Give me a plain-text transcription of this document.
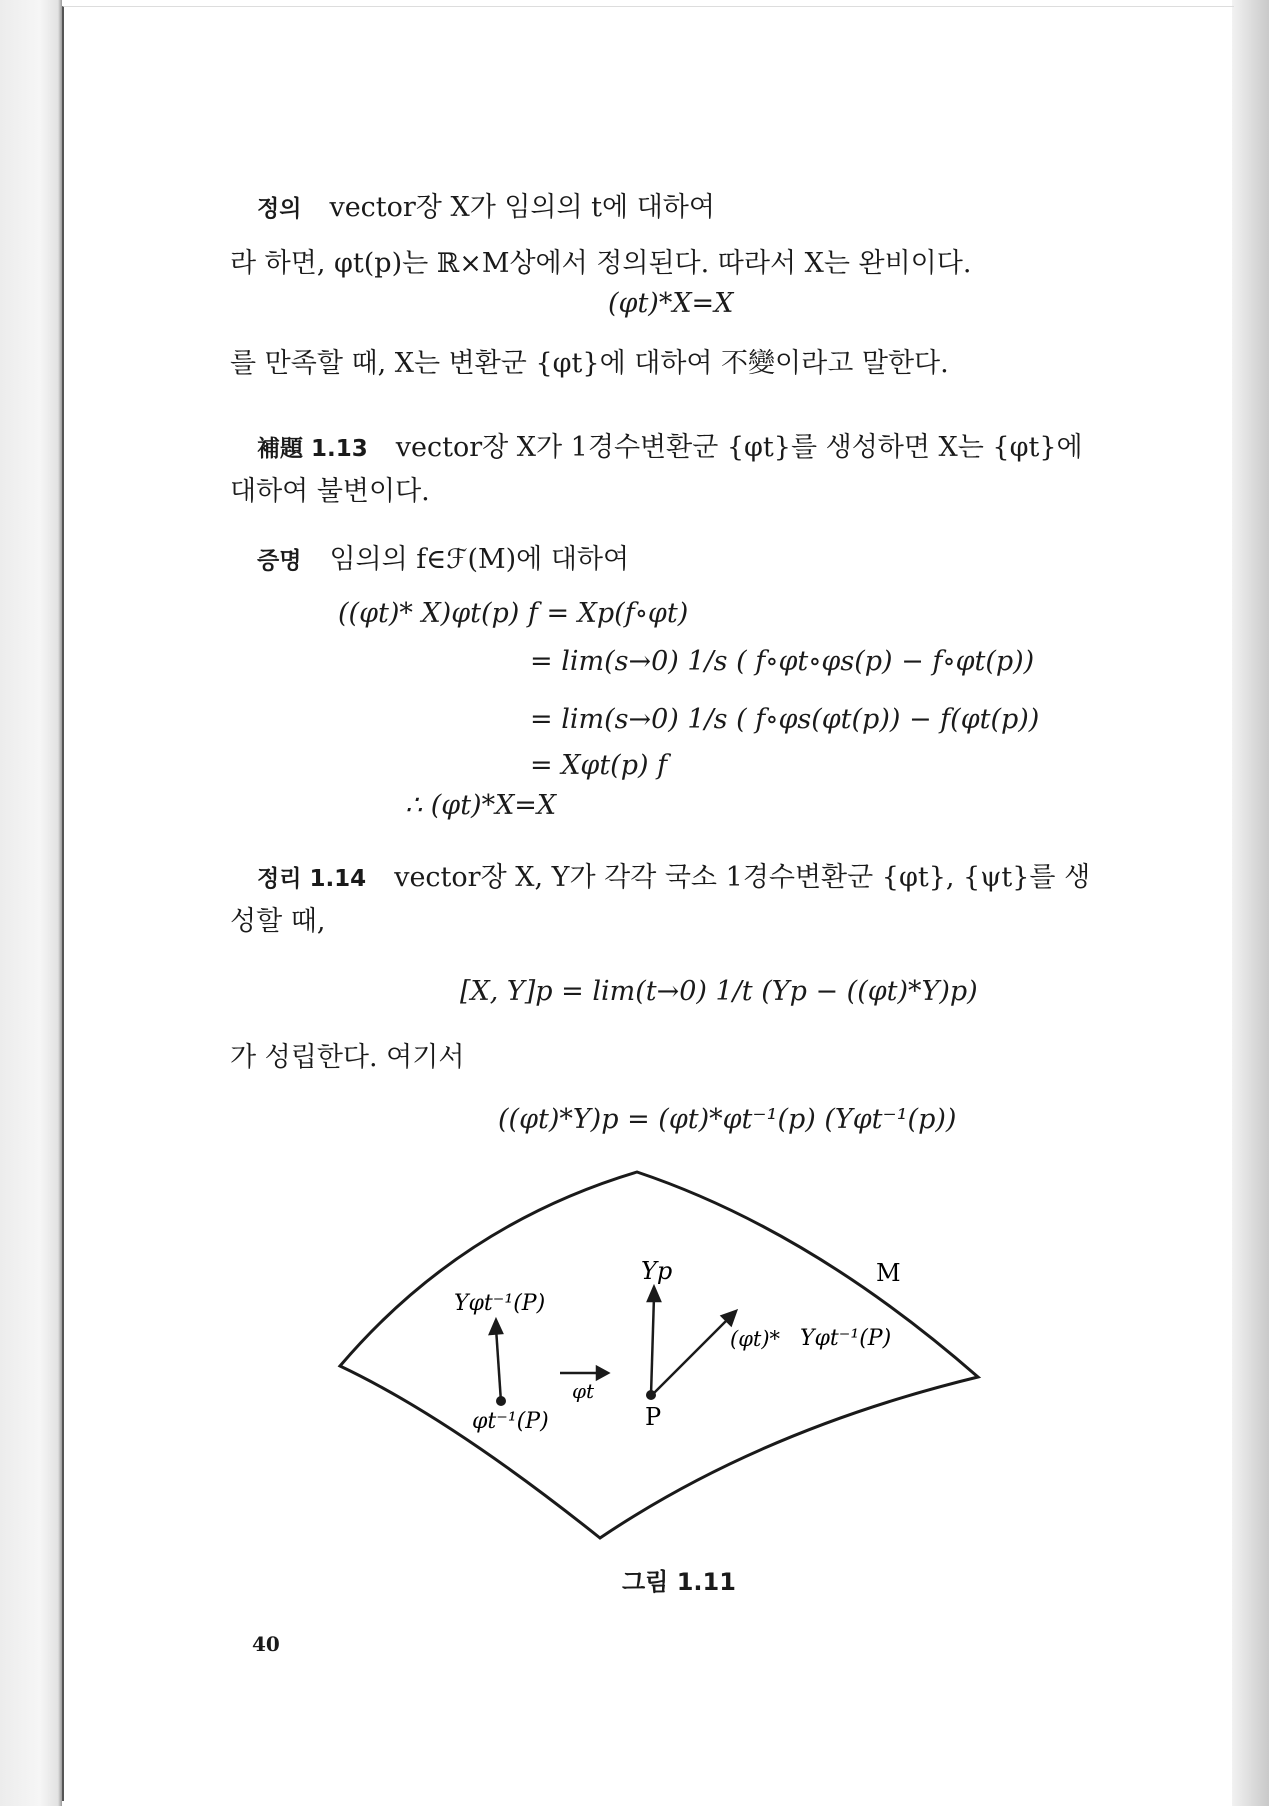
정의 vector장 X가 임의의 t에 대하여
라 하면, φt(p)는 ℝ×M상에서 정의된다. 따라서 X는 완비이다.
(φt)*X=X
를 만족할 때, X는 변환군 {φt}에 대하여 不變이라고 말한다.
補題 1.13 vector장 X가 1경수변환군 {φt}를 생성하면 X는 {φt}에
대하여 불변이다.
증명 임의의 f∈ℱ(M)에 대하여
((φt)* X)φt(p) f = Xp(f∘φt)
= lim(s→0) 1/s ( f∘φt∘φs(p) − f∘φt(p))
= lim(s→0) 1/s ( f∘φs(φt(p)) − f(φt(p))
= Xφt(p) f
∴ (φt)*X=X
정리 1.14 vector장 X, Y가 각각 국소 1경수변환군 {φt}, {ψt}를 생
성할 때,
[X, Y]p = lim(t→0) 1/t (Yp − ((φt)*Y)p)
가 성립한다. 여기서
((φt)*Y)p = (φt)*φt⁻¹(p) (Yφt⁻¹(p))
M
Yp
P
Yφt⁻¹(P)
φt⁻¹(P)
φt
(φt)* Yφt⁻¹(P)
그림 1.11
40
